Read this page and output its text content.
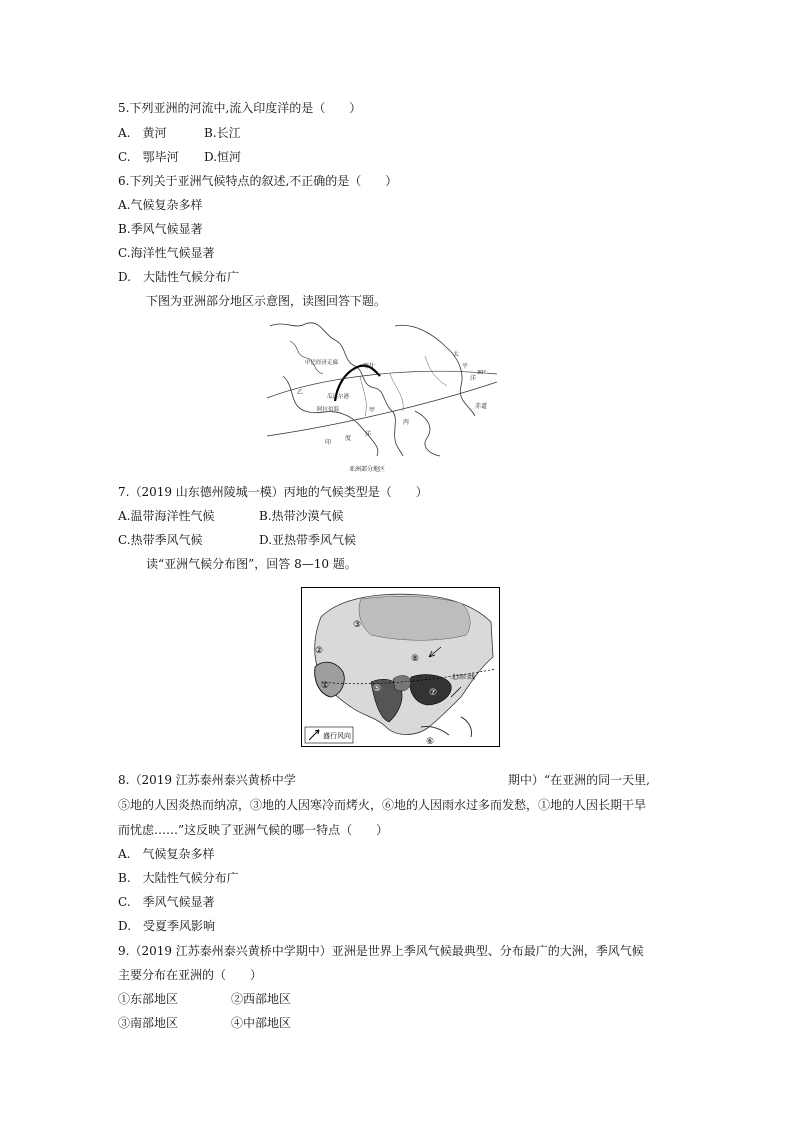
5.下列亚洲的河流中,流入印度洋的是（　　）
A.　黄河	B.长江
C.　鄂毕河 D.恒河
6.下列关于亚洲气候特点的叙述,不正确的是（　　）
A.气候复杂多样
B.季风气候显著
C.海洋性气候显著
D.　大陆性气候分布广
下图为亚洲部分地区示意图，读图回答下题。
太
平
洋
30°
赤道
喀什
中巴经济走廊
瓜达尔港
阿拉伯海	甲
乙
丙
印
度
洋
亚洲部分地区
7.（2019 山东德州陵城一模）丙地的气候类型是（　　）
A.温带海洋性气候	B.热带沙漠气候
C.热带季风气候	D.亚热带季风气候
读“亚洲气候分布图”，回答 8—10 题。
①
②
③
⑤
⑥
⑦
⑧
北回归线
盛行风向
8.（2019 江苏泰州泰兴黄桥中学	期中）“在亚洲的同一天里,
⑤地的人因炎热而纳凉，③地的人因寒冷而烤火，⑥地的人因雨水过多而发愁，①地的人因长期干旱
而忧虑……”这反映了亚洲气候的哪一特点（　　）
A.　气候复杂多样
B.　大陆性气候分布广
C.　季风气候显著
D.　受夏季风影响
9.（2019 江苏泰州泰兴黄桥中学期中）亚洲是世界上季风气候最典型、分布最广的大洲，季风气候
主要分布在亚洲的（　　）
①东部地区	②西部地区
③南部地区	④中部地区
